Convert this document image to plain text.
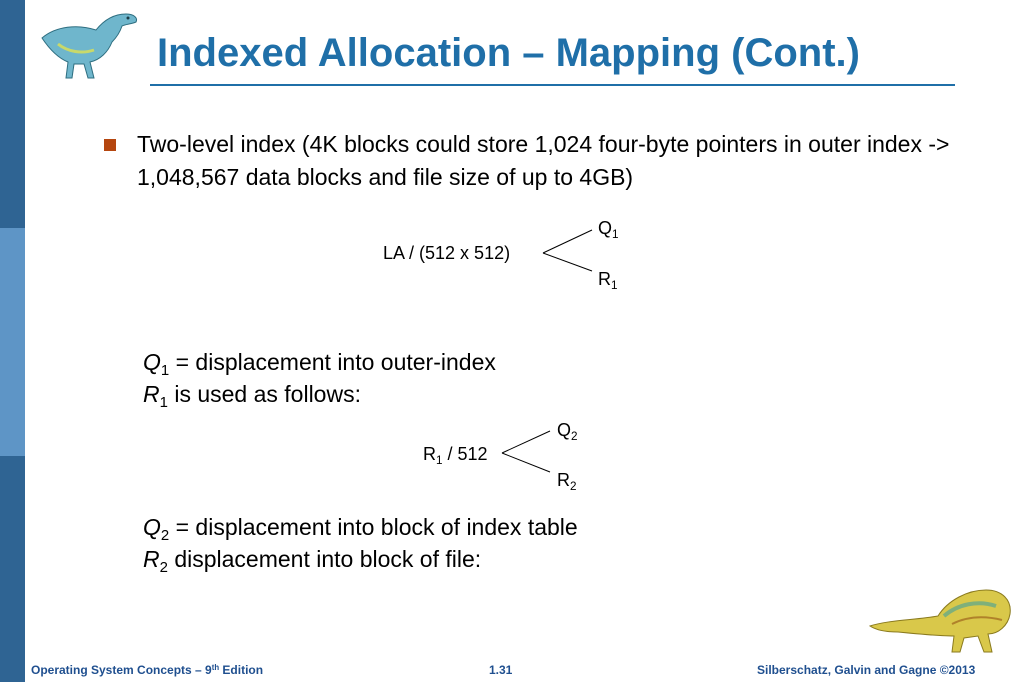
Indexed Allocation – Mapping (Cont.)
Two-level index (4K blocks could store 1,024 four-byte pointers in outer index -> 1,048,567 data blocks and file size of up to 4GB)
LA / (512 x 512)
$Q_1$
$R_1$
$Q_1$ = displacement into outer-index
$R_1$ is used as follows:
$R_1 / 512$
$Q_2$
$R_2$
$Q_2$ = displacement into block of index table
$R_2$ displacement into block of file:
Operating System Concepts – 9th Edition	1.31	Silberschatz, Galvin and Gagne ©2013
